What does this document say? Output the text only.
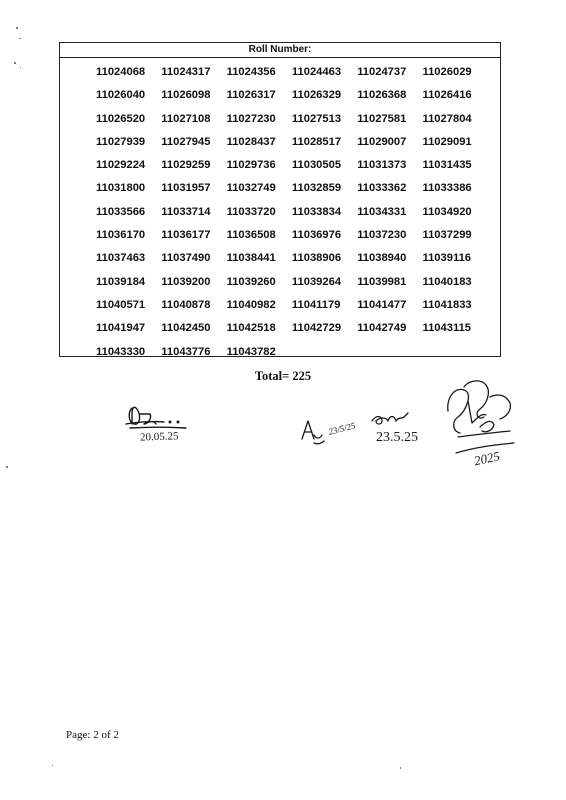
Roll Number:
11024068	11024317	11024356	11024463	11024737	11026029
11026040	11026098	11026317	11026329	11026368	11026416
11026520	11027108	11027230	11027513	11027581	11027804
11027939	11027945	11028437	11028517	11029007	11029091
11029224	11029259	11029736	11030505	11031373	11031435
11031800	11031957	11032749	11032859	11033362	11033386
11033566	11033714	11033720	11033834	11034331	11034920
11036170	11036177	11036508	11036976	11037230	11037299
11037463	11037490	11038441	11038906	11038940	11039116
11039184	11039200	11039260	11039264	11039981	11040183
11040571	11040878	11040982	11041179	11041477	11041833
11041947	11042450	11042518	11042729	11042749	11043115
11043330	11043776	11043782
Total= 225
20.05.25
23/5/25
23.5.25
2025
Page: 2 of 2
